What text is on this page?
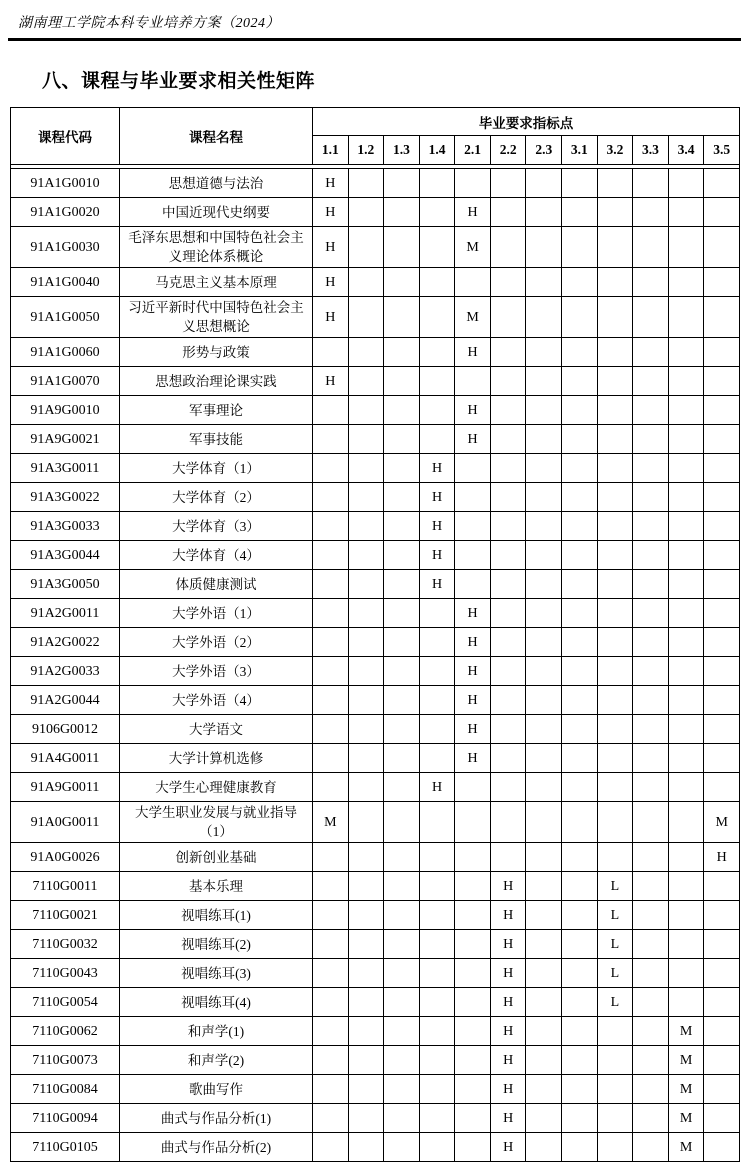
湖南理工学院本科专业培养方案（2024）
八、课程与毕业要求相关性矩阵
课程代码	课程名程	毕业要求指标点											
		1.1	1.2	1.3	1.4	2.1	2.2	2.3	3.1	3.2	3.3	3.4	3.5

91A1G0010	思想道德与法治	H											
91A1G0020	中国近现代史纲要	H				H							
91A1G0030	毛泽东思想和中国特色社会主义理论体系概论	H				M							
91A1G0040	马克思主义基本原理	H											
91A1G0050	习近平新时代中国特色社会主义思想概论	H				M							
91A1G0060	形势与政策					H							
91A1G0070	思想政治理论课实践	H											
91A9G0010	军事理论					H							
91A9G0021	军事技能					H							
91A3G0011	大学体育（1）				H								
91A3G0022	大学体育（2）				H								
91A3G0033	大学体育（3）				H								
91A3G0044	大学体育（4）				H								
91A3G0050	体质健康测试				H								
91A2G0011	大学外语（1）					H							
91A2G0022	大学外语（2）					H							
91A2G0033	大学外语（3）					H							
91A2G0044	大学外语（4）					H							
9106G0012	大学语文					H							
91A4G0011	大学计算机选修					H							
91A9G0011	大学生心理健康教育				H								
91A0G0011	大学生职业发展与就业指导（1）	M											M
91A0G0026	创新创业基础												H
7110G0011	基本乐理						H			L			
7110G0021	视唱练耳(1)						H			L			
7110G0032	视唱练耳(2)						H			L			
7110G0043	视唱练耳(3)						H			L			
7110G0054	视唱练耳(4)						H			L			
7110G0062	和声学(1)						H					M	
7110G0073	和声学(2)						H					M	
7110G0084	歌曲写作						H					M	
7110G0094	曲式与作品分析(1)						H					M	
7110G0105	曲式与作品分析(2)						H					M	
